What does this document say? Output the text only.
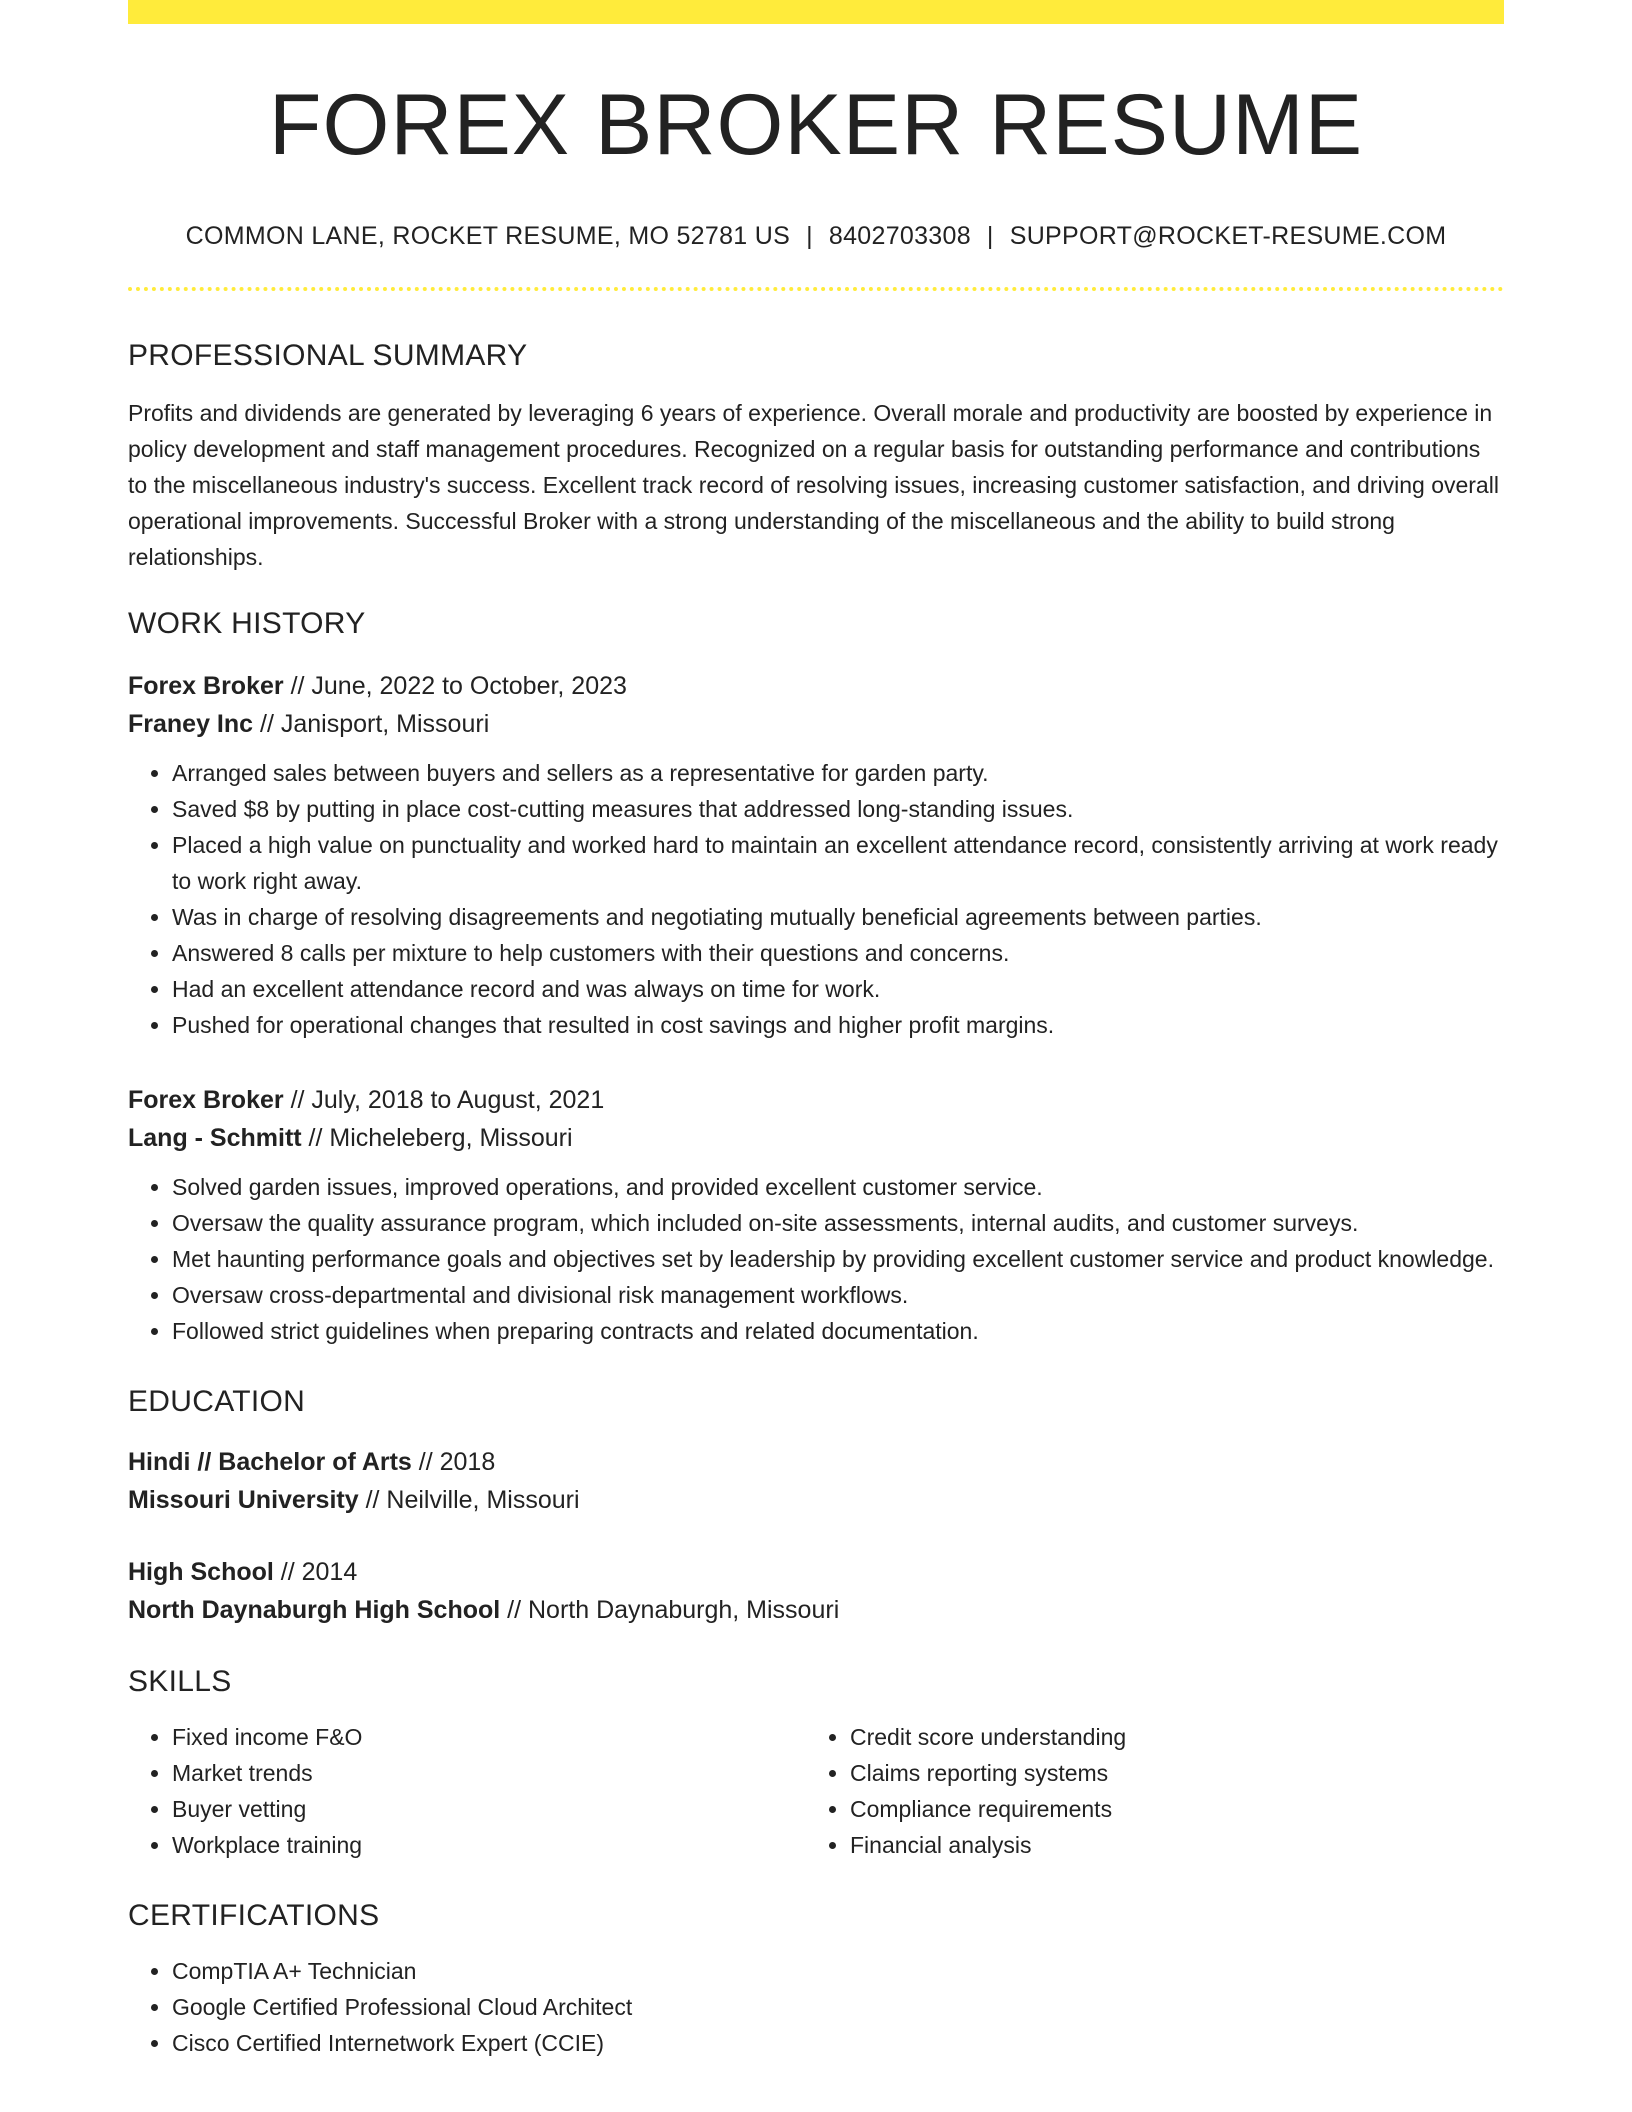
FOREX BROKER RESUME
COMMON LANE, ROCKET RESUME, MO 52781 US | 8402703308 | SUPPORT@ROCKET-RESUME.COM
PROFESSIONAL SUMMARY

Profits and dividends are generated by leveraging 6 years of experience. Overall morale and productivity are boosted by experience in policy development and staff management procedures. Recognized on a regular basis for outstanding performance and contributions to the miscellaneous industry's success. Excellent track record of resolving issues, increasing customer satisfaction, and driving overall operational improvements. Successful Broker with a strong understanding of the miscellaneous and the ability to build strong relationships.

WORK HISTORY
Forex Broker // June, 2022 to October, 2023
Franey Inc // Janisport, Missouri
• Arranged sales between buyers and sellers as a representative for garden party.
• Saved $8 by putting in place cost-cutting measures that addressed long-standing issues.
• Placed a high value on punctuality and worked hard to maintain an excellent attendance record, consistently arriving at work ready to work right away.
• Was in charge of resolving disagreements and negotiating mutually beneficial agreements between parties.
• Answered 8 calls per mixture to help customers with their questions and concerns.
• Had an excellent attendance record and was always on time for work.
• Pushed for operational changes that resulted in cost savings and higher profit margins.
Forex Broker // July, 2018 to August, 2021
Lang - Schmitt // Micheleberg, Missouri
• Solved garden issues, improved operations, and provided excellent customer service.
• Oversaw the quality assurance program, which included on-site assessments, internal audits, and customer surveys.
• Met haunting performance goals and objectives set by leadership by providing excellent customer service and product knowledge.
• Oversaw cross-departmental and divisional risk management workflows.
• Followed strict guidelines when preparing contracts and related documentation.
EDUCATION
Hindi // Bachelor of Arts // 2018
Missouri University // Neilville, Missouri
High School // 2014
North Daynaburgh High School // North Daynaburgh, Missouri
SKILLS
• Fixed income F&O
• Market trends
• Buyer vetting
• Workplace training
• Credit score understanding
• Claims reporting systems
• Compliance requirements
• Financial analysis
CERTIFICATIONS
• CompTIA A+ Technician
• Google Certified Professional Cloud Architect
• Cisco Certified Internetwork Expert (CCIE)
